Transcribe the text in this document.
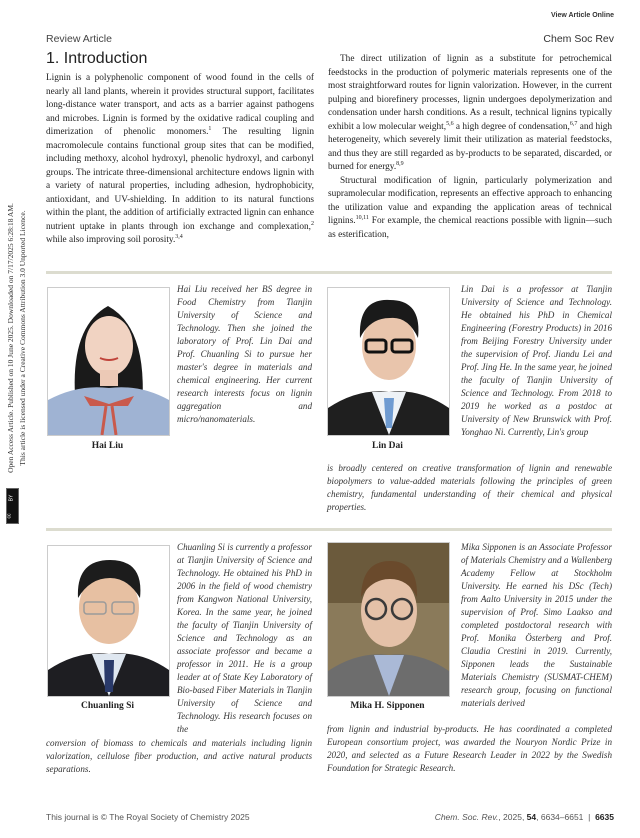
View Article Online
Review Article	Chem Soc Rev
1. Introduction
Open Access Article. Published on 10 June 2025. Downloaded on 7/17/2025 6:28:18 AM. This article is licensed under a Creative Commons Attribution 3.0 Unported Licence.
cc
BY

Lignin is a polyphenolic component of wood found in the cells of nearly all land plants, wherein it provides structural support, facilitates long-distance water transport, and acts as a barrier against pathogens and microbes. Lignin is formed by the oxidative radical coupling and dimerization of phenolic monomers.$^1$ The resulting lignin macromolecule contains functional group sites that can be modified, including methoxy, alcohol hydroxyl, phenolic hydroxyl, and carbonyl groups. The intricate three-dimensional architecture endows lignin with a variety of natural properties, including adhesion, hydrophobicity, antioxidant, and UV-shielding. In addition to its natural functions within the plant, the addition of artificially extracted lignin can enhance nutrient uptake in plants through ion exchange and complexation,$^2$ while also improving soil porosity.$^{3,4}$

The direct utilization of lignin as a substitute for petrochemical feedstocks in the production of polymeric materials represents one of the most straightforward routes for lignin valorization. However, in the current pulping and biorefinery processes, lignin undergoes depolymerization and condensation under harsh conditions. As a result, technical lignins typically exhibit a low molecular weight,$^{5,6}$ a high degree of condensation,$^{6,7}$ and high heterogeneity, which severely limit their utilization as material feedstocks, and thus they are still regarded as by-products to be separated, discarded, or burned for energy.$^{8,9}$

Structural modification of lignin, particularly polymerization and supramolecular modification, represents an effective approach to enhancing the utilization value and expanding the application areas of technical lignins.$^{10,11}$ For example, the chemical reactions possible with lignin—such as esterification,

Hai Liu
Hai Liu received her BS degree in Food Chemistry from Tianjin University of Science and Technology. Then she joined the laboratory of Prof. Lin Dai and Prof. Chuanling Si to pursue her master's degree in materials and chemical engineering. Her current research interests focus on lignin aggregation and micro/nanomaterials.
Lin Dai
Lin Dai is a professor at Tianjin University of Science and Technology. He obtained his PhD in Chemical Engineering (Forestry Products) in 2016 from Beijing Forestry University under the supervision of Prof. Jiandu Lei and Prof. Jing He. In the same year, he joined the faculty of Tianjin University of Science and Technology. From 2018 to 2019 he worked as a postdoc at University of New Brunswick with Prof. Yonghao Ni. Currently, Lin's group
is broadly centered on creative transformation of lignin and renewable biopolymers to value-added materials following the principles of green chemistry, fundamental understanding of their chemical and physical properties.
Chuanling Si
Chuanling Si is currently a professor at Tianjin University of Science and Technology. He obtained his PhD in 2006 in the field of wood chemistry from Kangwon National University, Korea. In the same year, he joined the faculty of Tianjin University of Science and Technology as an associate professor and became a professor in 2011. He is a group leader at of State Key Laboratory of Bio-based Fiber Materials in Tianjin University of Science and Technology. His research focuses on the
conversion of biomass to chemicals and materials including lignin valorization, cellulose fiber production, and active natural products separations.
Mika H. Sipponen
Mika Sipponen is an Associate Professor of Materials Chemistry and a Wallenberg Academy Fellow at Stockholm University. He earned his DSc (Tech) from Aalto University in 2015 under the supervision of Prof. Simo Laakso and completed postdoctoral research with Prof. Monika Österberg and Prof. Claudia Crestini in 2019. Currently, Sipponen leads the Sustainable Materials Chemistry (SUSMAT-CHEM) research group, focusing on functional materials derived
from lignin and industrial by-products. He has coordinated a completed European consortium project, was awarded the Nouryon Nordic Prize in 2020, and selected as a Future Research Leader in 2022 by the Swedish Foundation for Strategic Research.
This journal is © The Royal Society of Chemistry 2025	Chem. Soc. Rev., 2025, 54, 6634–6651  |  6635
